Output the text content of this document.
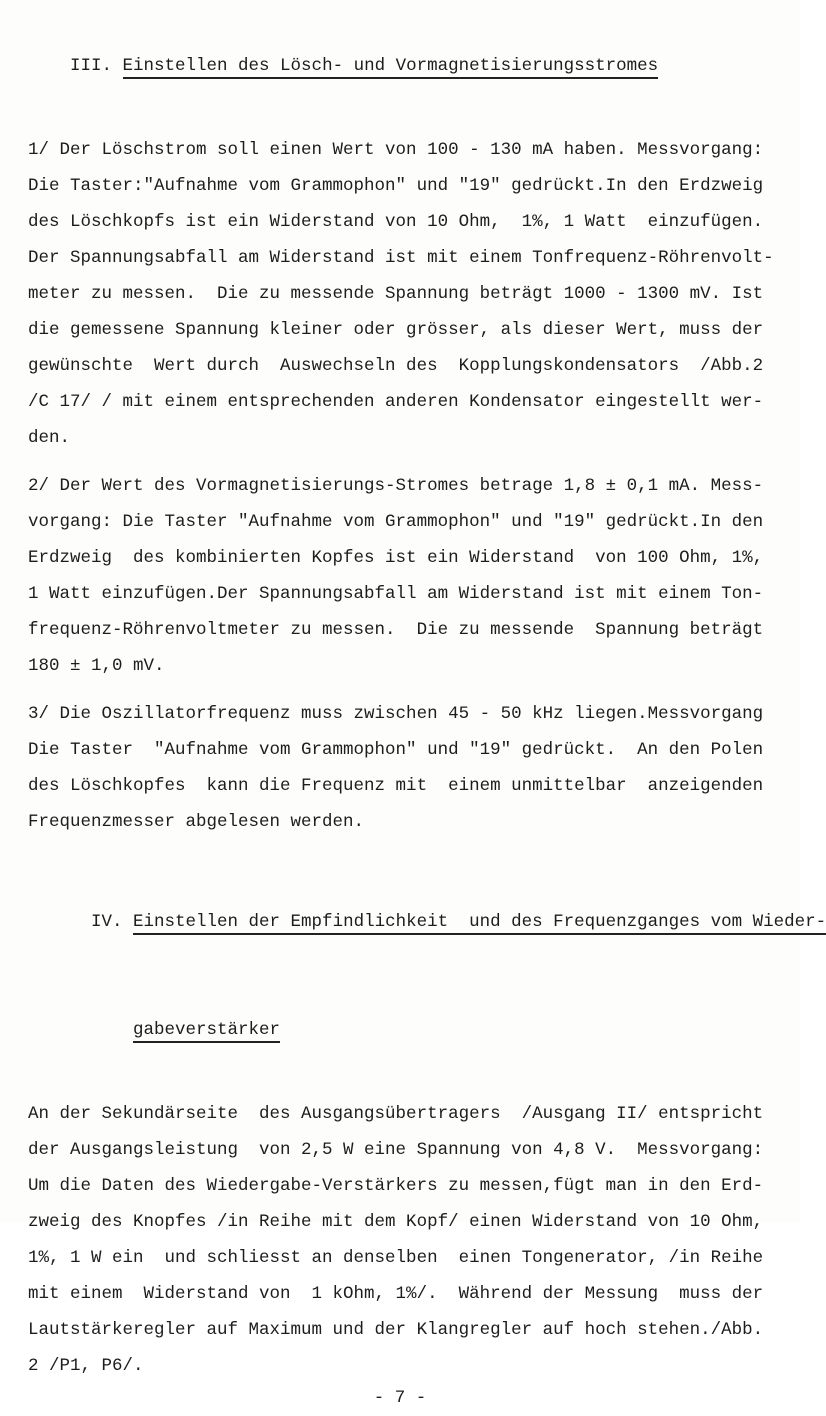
III. Einstellen des Lösch- und Vormagnetisierungsstromes

1/ Der Löschstrom soll einen Wert von 100 - 130 mA haben. Messvorgang:
Die Taster:"Aufnahme vom Grammophon" und "19" gedrückt.In den Erdzweig
des Löschkopfs ist ein Widerstand von 10 Ohm,  1%, 1 Watt  einzufügen.
Der Spannungsabfall am Widerstand ist mit einem Tonfrequenz-Röhrenvolt-
meter zu messen.  Die zu messende Spannung beträgt 1000 - 1300 mV. Ist
die gemessene Spannung kleiner oder grösser, als dieser Wert, muss der
gewünschte  Wert durch  Auswechseln des  Kopplungskondensators  /Abb.2
/C 17/ / mit einem entsprechenden anderen Kondensator eingestellt wer-
den.
2/ Der Wert des Vormagnetisierungs-Stromes betrage 1,8 ± 0,1 mA. Mess-
vorgang: Die Taster "Aufnahme vom Grammophon" und "19" gedrückt.In den
Erdzweig  des kombinierten Kopfes ist ein Widerstand  von 100 Ohm, 1%,
1 Watt einzufügen.Der Spannungsabfall am Widerstand ist mit einem Ton-
frequenz-Röhrenvoltmeter zu messen.  Die zu messende  Spannung beträgt
180 ± 1,0 mV.
3/ Die Oszillatorfrequenz muss zwischen 45 - 50 kHz liegen.Messvorgang
Die Taster  "Aufnahme vom Grammophon" und "19" gedrückt.  An den Polen
des Löschkopfes  kann die Frequenz mit  einem unmittelbar  anzeigenden
Frequenzmesser abgelesen werden.

IV. Einstellen der Empfindlichkeit  und des Frequenzganges vom Wieder-

gabeverstärker

An der Sekundärseite  des Ausgangsübertragers  /Ausgang II/ entspricht
der Ausgangsleistung  von 2,5 W eine Spannung von 4,8 V.  Messvorgang:
Um die Daten des Wiedergabe-Verstärkers zu messen,fügt man in den Erd-
zweig des Knopfes /in Reihe mit dem Kopf/ einen Widerstand von 10 Ohm,
1%, 1 W ein  und schliesst an denselben  einen Tongenerator, /in Reihe
mit einem  Widerstand von  1 kOhm, 1%/.  Während der Messung  muss der
Lautstärkeregler auf Maximum und der Klangregler auf hoch stehen./Abb.
2 /P1, P6/.
- 7 -
